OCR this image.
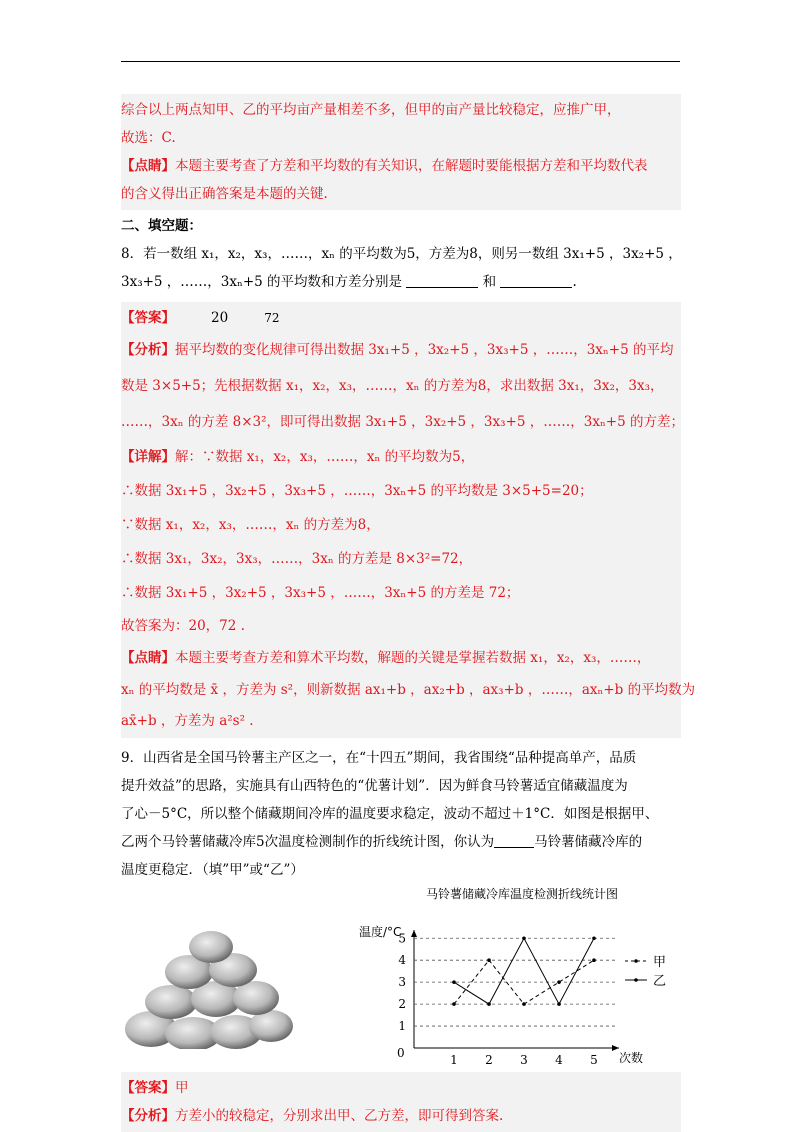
综合以上两点知甲、乙的平均亩产量相差不多，但甲的亩产量比较稳定，应推广甲，
故选：C.
【点睛】本题主要考查了方差和平均数的有关知识，在解题时要能根据方差和平均数代表
的含义得出正确答案是本题的关键.
二、填空题：
8．若一数组 x₁，x₂，x₃，……，xₙ 的平均数为5，方差为8，则另一数组 3x₁+5 ，3x₂+5 ，
3x₃+5 ，……，3xₙ+5 的平均数和方差分别是	和	.
【答案】	20	72
【分析】据平均数的变化规律可得出数据 3x₁+5 ，3x₂+5 ，3x₃+5 ，……，3xₙ+5 的平均
数是 3×5+5；先根据数据 x₁，x₂，x₃，……，xₙ 的方差为8，求出数据 3x₁，3x₂，3x₃，
……，3xₙ 的方差 8×3²，即可得出数据 3x₁+5 ，3x₂+5 ，3x₃+5 ，……，3xₙ+5 的方差；
【详解】解：∵数据 x₁，x₂，x₃，……，xₙ 的平均数为5，
∴数据 3x₁+5 ，3x₂+5 ，3x₃+5 ，……，3xₙ+5 的平均数是 3×5+5=20；
∵数据 x₁，x₂，x₃，……，xₙ 的方差为8，
∴数据 3x₁，3x₂，3x₃，……，3xₙ 的方差是 8×3²=72，
∴数据 3x₁+5 ，3x₂+5 ，3x₃+5 ，……，3xₙ+5 的方差是 72；
故答案为：20，72 .
【点睛】本题主要考查方差和算术平均数，解题的关键是掌握若数据 x₁，x₂，x₃，……，
xₙ 的平均数是 x̄ ，方差为 s²，则新数据 ax₁+b ，ax₂+b ，ax₃+b ，……，axₙ+b 的平均数为
ax̄+b ，方差为 a²s² .
9．山西省是全国马铃薯主产区之一，在“十四五”期间，我省围绕“品种提高单产，品质
提升效益”的思路，实施具有山西特色的“优薯计划”．因为鲜食马铃薯适宜储藏温度为
了心－5°C，所以整个储藏期间冷库的温度要求稳定，波动不超过＋1°C．如图是根据甲、
乙两个马铃薯储藏冷库5次温度检测制作的折线统计图，你认为	马铃薯储藏冷库的
温度更稳定．（填”甲”或“乙”）
马铃薯储藏冷库温度检测折线统计图
温度/°C
次数
0
1
2
3
4
5
1 2 3 4 5
甲
乙
【答案】甲
【分析】方差小的较稳定，分别求出甲、乙方差，即可得到答案.
